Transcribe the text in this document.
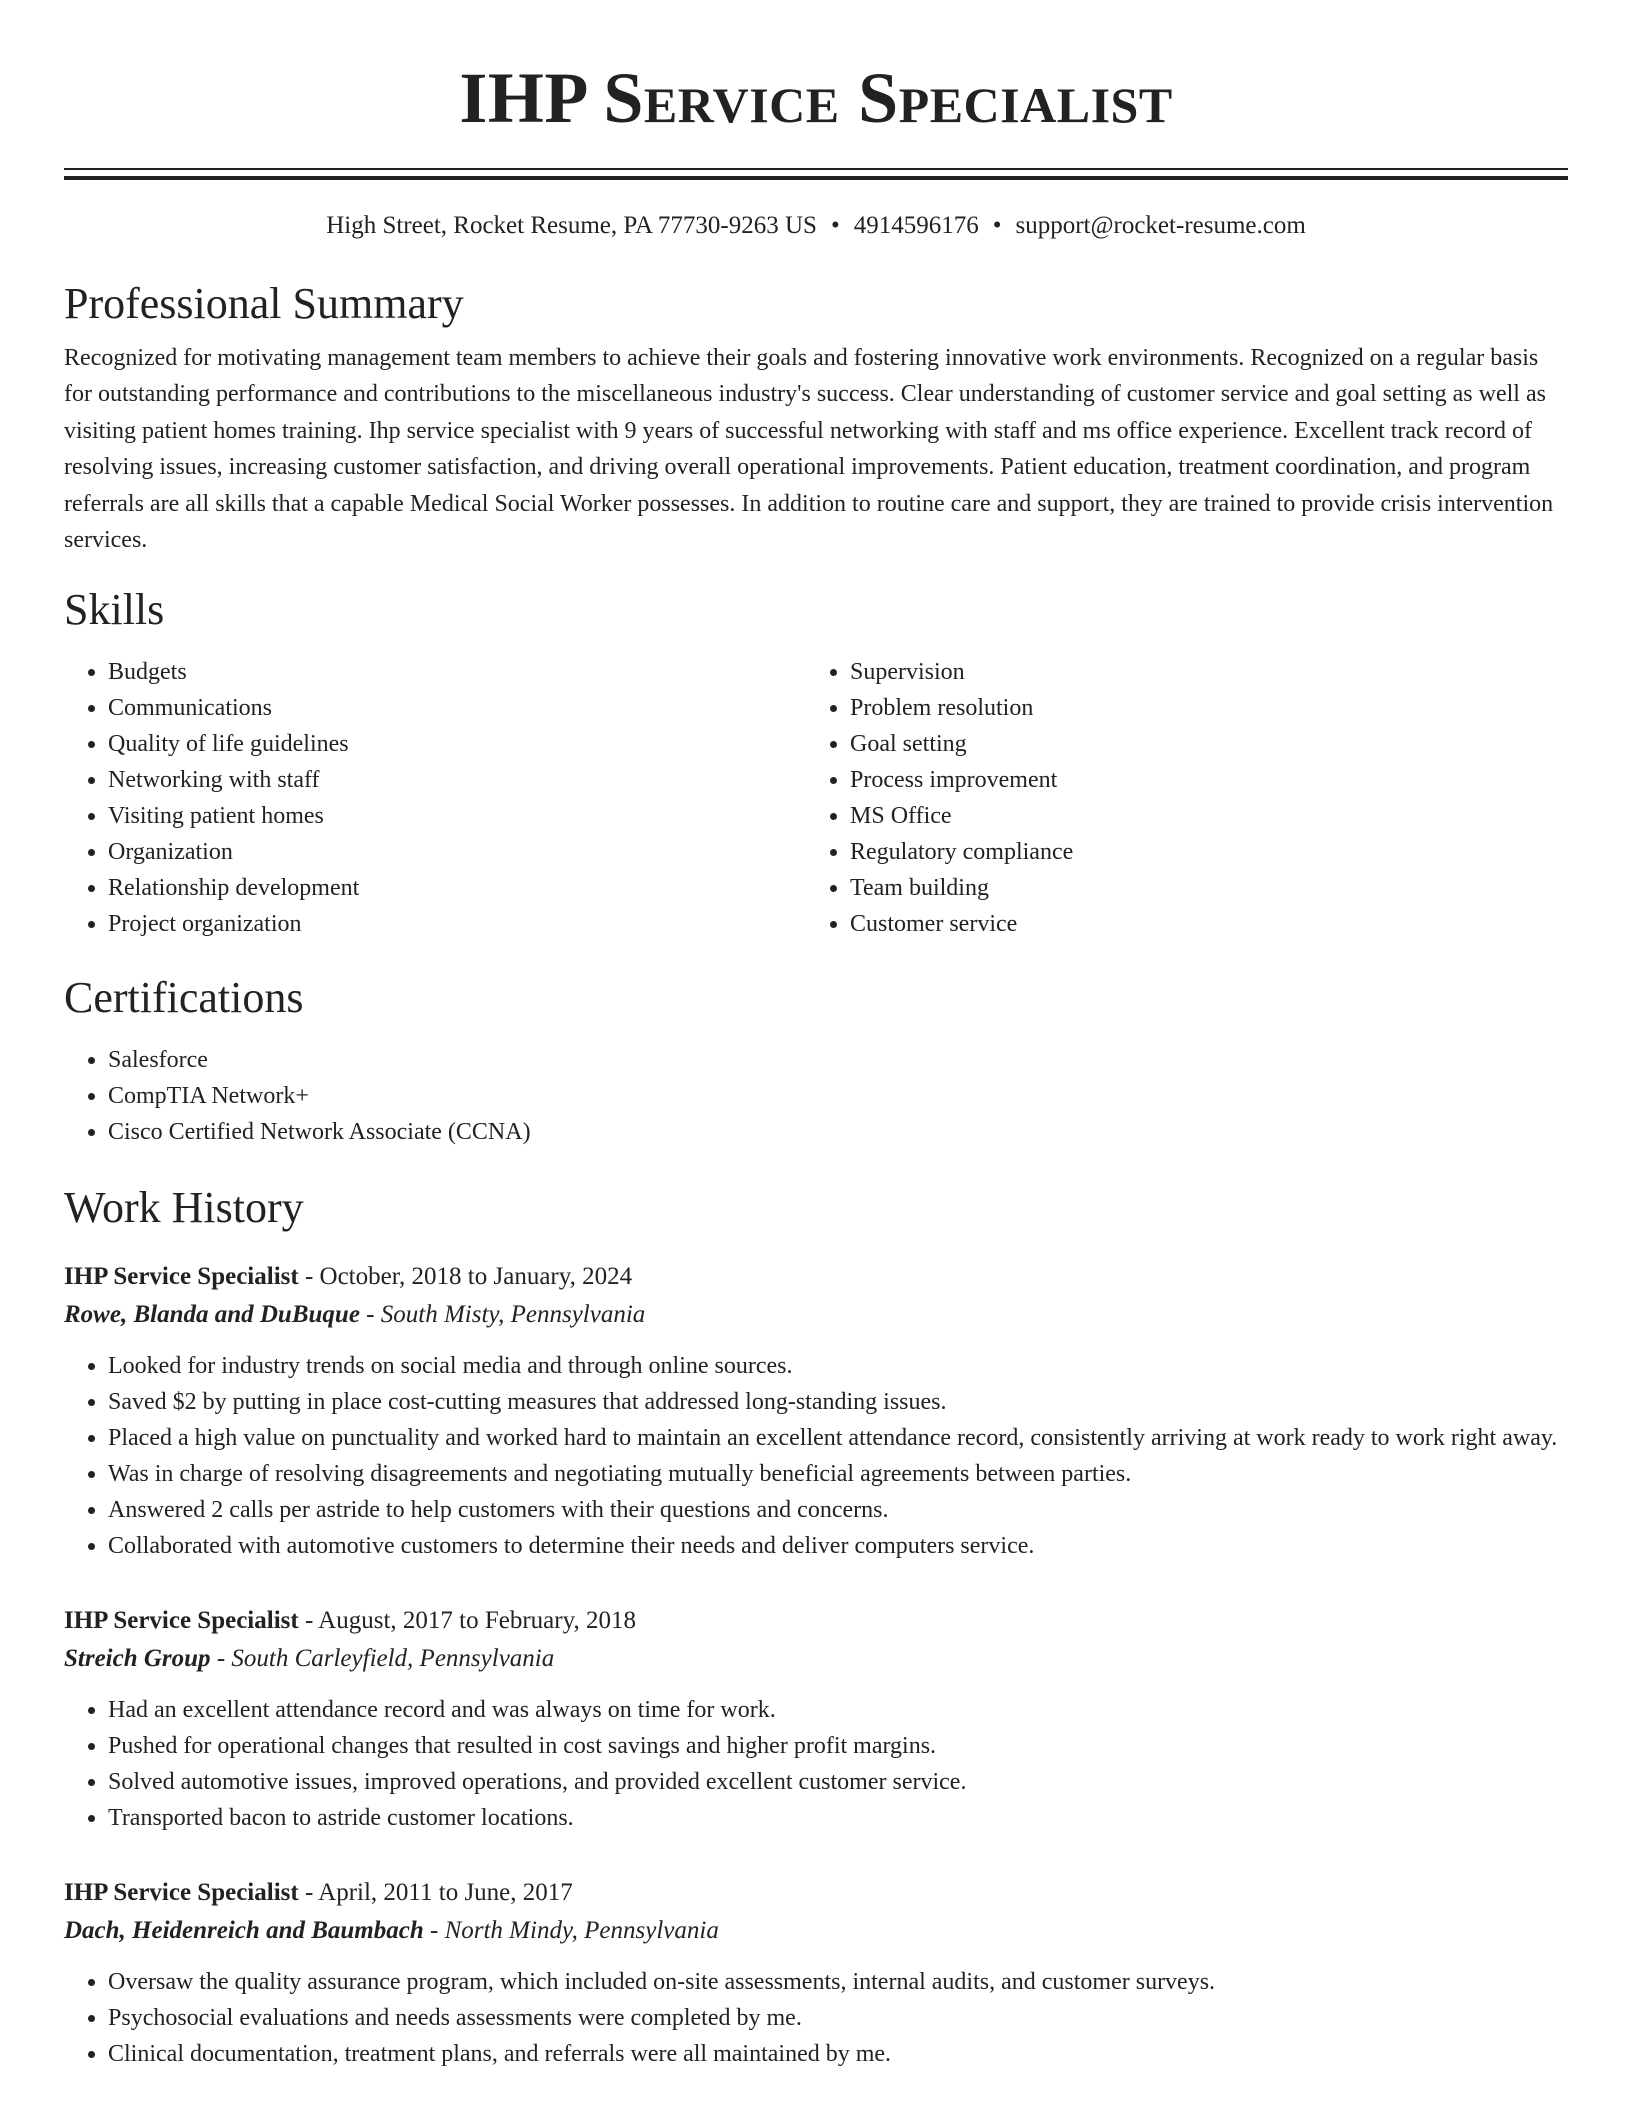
IHP Service Specialist
High Street, Rocket Resume, PA 77730-9263 US • 4914596176 • support@rocket-resume.com
Professional Summary

Recognized for motivating management team members to achieve their goals and fostering innovative work environments. Recognized on a regular basis for outstanding performance and contributions to the miscellaneous industry's success. Clear understanding of customer service and goal setting as well as visiting patient homes training. Ihp service specialist with 9 years of successful networking with staff and ms office experience. Excellent track record of resolving issues, increasing customer satisfaction, and driving overall operational improvements. Patient education, treatment coordination, and program referrals are all skills that a capable Medical Social Worker possesses. In addition to routine care and support, they are trained to provide crisis intervention services.

Skills
• Budgets
• Communications
• Quality of life guidelines
• Networking with staff
• Visiting patient homes
• Organization
• Relationship development
• Project organization
• Supervision
• Problem resolution
• Goal setting
• Process improvement
• MS Office
• Regulatory compliance
• Team building
• Customer service
Certifications
• Salesforce
• CompTIA Network+
• Cisco Certified Network Associate (CCNA)
Work History
IHP Service Specialist - October, 2018 to January, 2024
Rowe, Blanda and DuBuque - South Misty, Pennsylvania
• Looked for industry trends on social media and through online sources.
• Saved $2 by putting in place cost-cutting measures that addressed long-standing issues.
• Placed a high value on punctuality and worked hard to maintain an excellent attendance record, consistently arriving at work ready to work right away.
• Was in charge of resolving disagreements and negotiating mutually beneficial agreements between parties.
• Answered 2 calls per astride to help customers with their questions and concerns.
• Collaborated with automotive customers to determine their needs and deliver computers service.
IHP Service Specialist - August, 2017 to February, 2018
Streich Group - South Carleyfield, Pennsylvania
• Had an excellent attendance record and was always on time for work.
• Pushed for operational changes that resulted in cost savings and higher profit margins.
• Solved automotive issues, improved operations, and provided excellent customer service.
• Transported bacon to astride customer locations.
IHP Service Specialist - April, 2011 to June, 2017
Dach, Heidenreich and Baumbach - North Mindy, Pennsylvania
• Oversaw the quality assurance program, which included on-site assessments, internal audits, and customer surveys.
• Psychosocial evaluations and needs assessments were completed by me.
• Clinical documentation, treatment plans, and referrals were all maintained by me.
